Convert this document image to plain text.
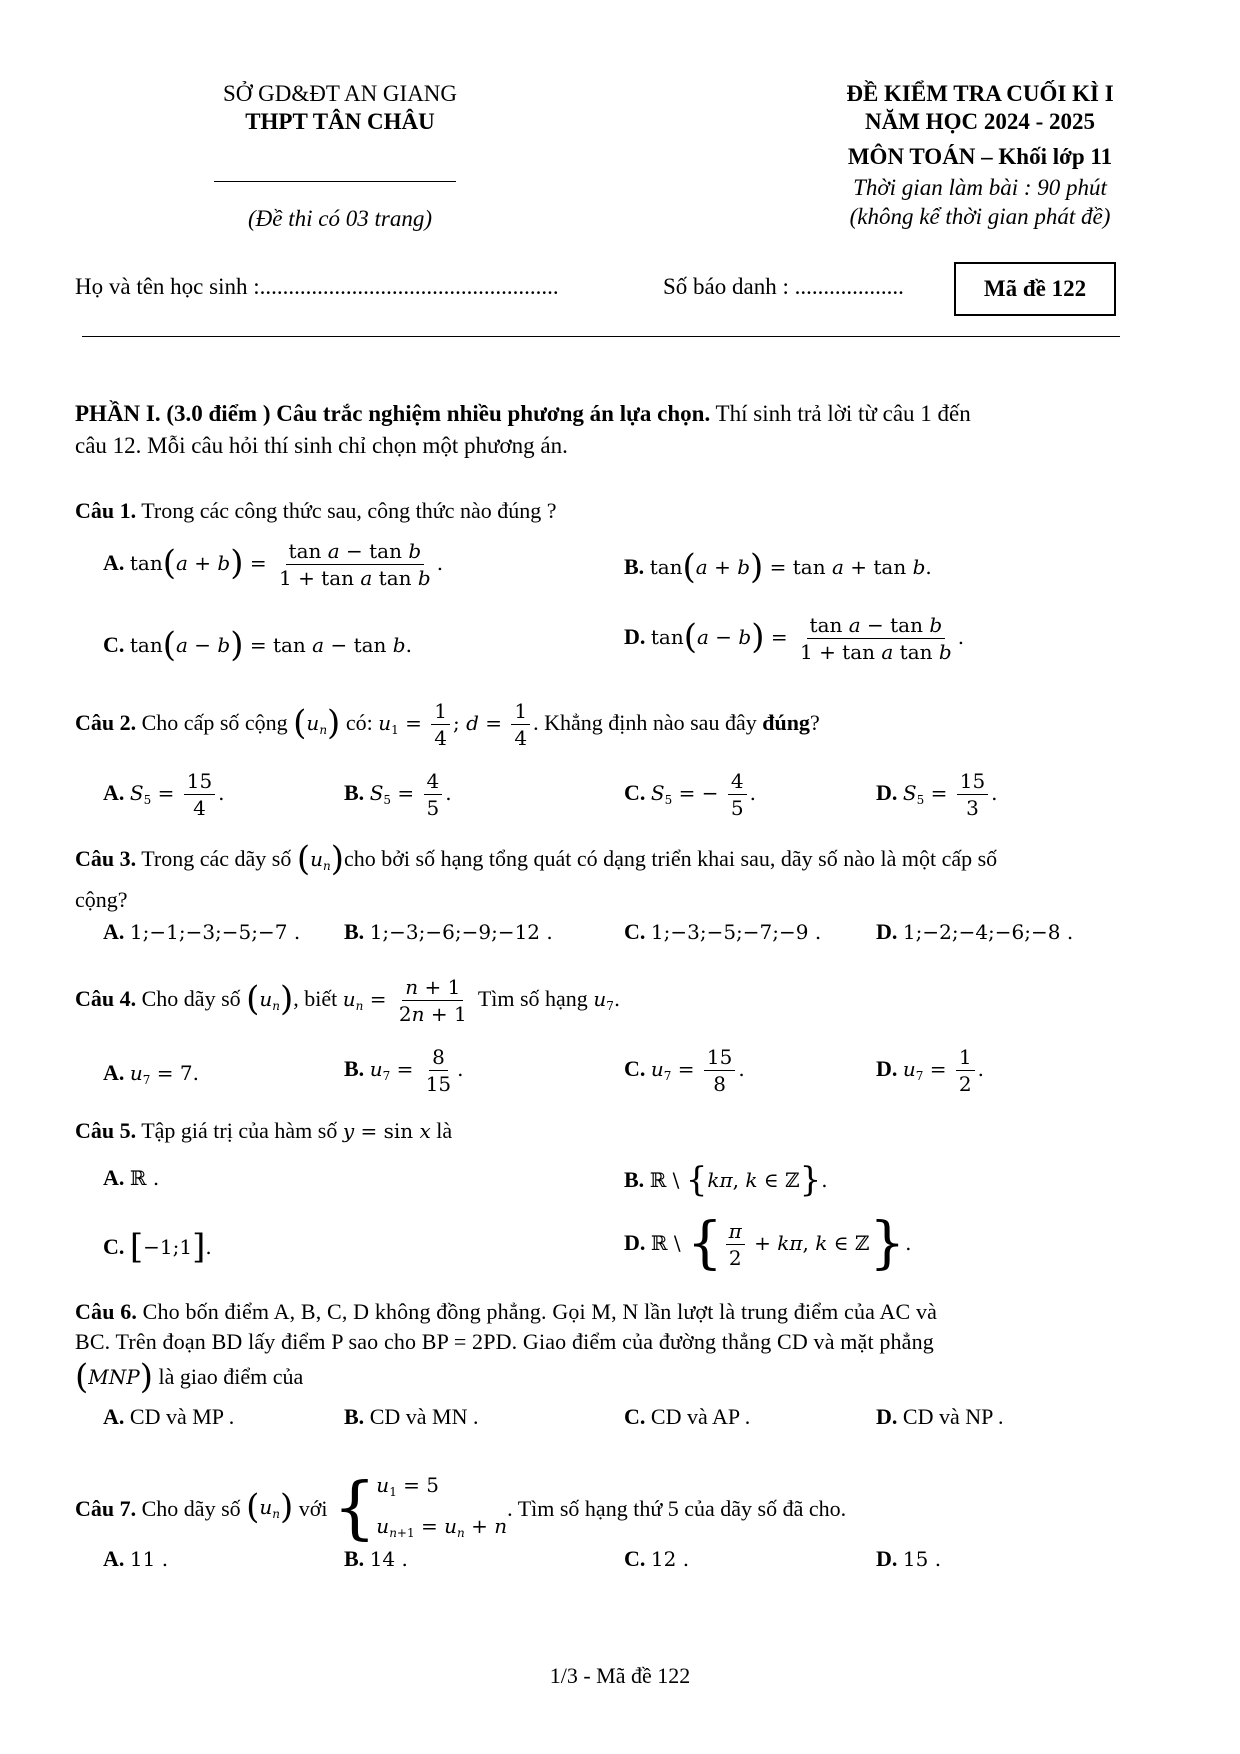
SỞ GD&ĐT AN GIANG
THPT TÂN CHÂU
(Đề thi có 03 trang)
ĐỀ KIỂM TRA CUỐI KÌ I
NĂM HỌC 2024 - 2025
MÔN TOÁN – Khối lớp 11
Thời gian làm bài : 90 phút
(không kể thời gian phát đề)
Họ và tên học sinh :....................................................	Số báo danh : ...................	Mã đề 122
PHẦN I. (3.0 điểm ) Câu trắc nghiệm nhiều phương án lựa chọn. Thí sinh trả lời từ câu 1 đến
câu 12. Mỗi câu hỏi thí sinh chỉ chọn một phương án.
Câu 1. Trong các công thức sau, công thức nào đúng ?
A. $\tan(a + b) = \frac{\text{tan a − tan b}}{\text{1 + tan a tan b}}$ .	B. tan(a + b) = tan a + tan b.
C. tan(a − b) = tan a − tan b.	D. $\tan(a - b) = \frac{\text{tan a − tan b}}{\text{1 + tan a tan b}}$ .
Câu 2. Cho cấp số cộng $(u_n)$ có: $u_1 = \frac{1}{4}$ ; $d = \frac{1}{4}$ . Khẳng định nào sau đây đúng?
A. $S_5 = \frac{15}{4}$ .	B. $S_5 = \frac{4}{5}$ .	C. $S_5$ = − $\frac{4}{5}$ .	D. $S_5 = \frac{15}{3}$ .
Câu 3. Trong các dãy số $(u_n)cho$ bởi số hạng tổng quát có dạng triển khai sau, dãy số nào là một cấp số
cộng?
A. 1;−1;−3;−5;−7 . B. 1;−3;−6;−9;−12 .	C. 1;−3;−5;−7;−9 . D. 1;−2;−4;−6;−8 .
Câu 4. Cho dãy số $(u_n)$, biết $u_n = \frac{n + 1}{2n + 1}$ Tìm số hạng $u_7$.
A. $u_7 = 7$.	B. $u_7 = \frac{8}{15}$ .	C. $u_7 = \frac{15}{8}$ .	D. $u_7 = \frac{1}{2}$ .
Câu 5. Tập giá trị của hàm số y = sin x là
A. ℝ .	B. ℝ \ {kπ, k ∈ ℤ}.
C. [−1;1].	D. ℝ \ { $\frac{\pi}{2} + k\pi$, k ∈ ℤ}.
Câu 6. Cho bốn điểm A, B, C, D không đồng phẳng. Gọi M, N lần lượt là trung điểm của AC và
BC. Trên đoạn BD lấy điểm P sao cho BP = 2PD. Giao điểm của đường thẳng CD và mặt phẳng
(MNP) là giao điểm của
A. CD và MP .	B. CD và MN .	C. CD và AP .	D. CD và NP .
Câu 7. Cho dãy số $(u_n)$ với { $u_1 = 5$
$u_{n+1} = u_n + n$
. Tìm số hạng thứ 5 của dãy số đã cho.
A. 11 .	B. 14 .	C. 12 .	D. 15 .
1/3 - Mã đề 122
